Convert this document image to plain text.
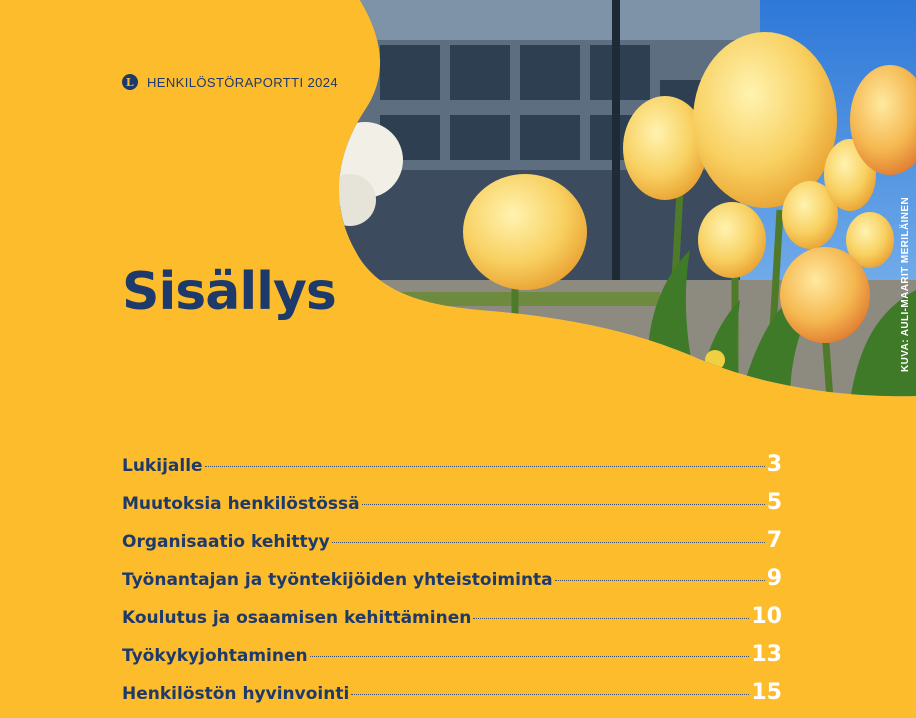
L HENKILÖSTÖRAPORTTI 2024
Sisällys	KUVA: AULI-MAARIT MERILÄINEN
Lukijalle	3
Muutoksia henkilöstössä	5
Organisaatio kehittyy	7
Työnantajan ja työntekijöiden yhteistoiminta	9
Koulutus ja osaamisen kehittäminen	10
Työkykyjohtaminen	13
Henkilöstön hyvinvointi	15
